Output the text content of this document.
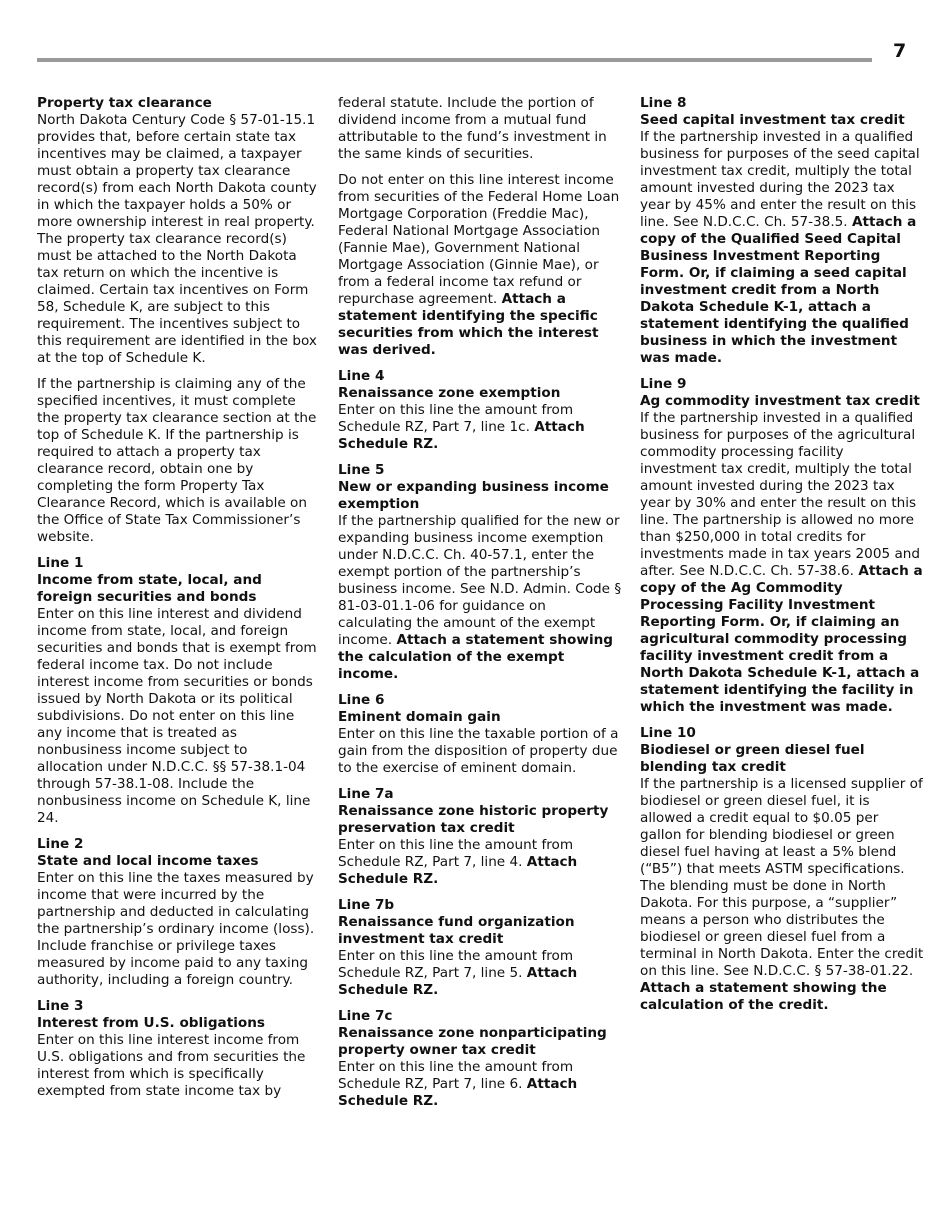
7
Property tax clearance

North Dakota Century Code § 57-01-15.1 provides that, before certain state tax incentives may be claimed, a taxpayer must obtain a property tax clearance record(s) from each North Dakota county in which the taxpayer holds a 50% or more ownership interest in real property. The property tax clearance record(s) must be attached to the North Dakota tax return on which the incentive is claimed. Certain tax incentives on Form 58, Schedule K, are subject to this requirement. The incentives subject to this requirement are identified in the box at the top of Schedule K.

If the partnership is claiming any of the specified incentives, it must complete the property tax clearance section at the top of Schedule K. If the partnership is required to attach a property tax clearance record, obtain one by completing the form Property Tax Clearance Record, which is available on the Office of State Tax Commissioner’s website.

Line 1
Income from state, local, and foreign securities and bonds

Enter on this line interest and dividend income from state, local, and foreign securities and bonds that is exempt from federal income tax. Do not include interest income from securities or bonds issued by North Dakota or its political subdivisions. Do not enter on this line any income that is treated as nonbusiness income subject to allocation under N.D.C.C. §§ 57-38.1-04 through 57-38.1-08. Include the nonbusiness income on Schedule K, line 24.

Line 2
State and local income taxes

Enter on this line the taxes measured by income that were incurred by the partnership and deducted in calculating the partnership’s ordinary income (loss). Include franchise or privilege taxes measured by income paid to any taxing authority, including a foreign country.

Line 3
Interest from U.S. obligations

Enter on this line interest income from U.S. obligations and from securities the interest from which is specifically exempted from state income tax by

federal statute. Include the portion of dividend income from a mutual fund attributable to the fund’s investment in the same kinds of securities.

Do not enter on this line interest income from securities of the Federal Home Loan Mortgage Corporation (Freddie Mac), Federal National Mortgage Association (Fannie Mae), Government National Mortgage Association (Ginnie Mae), or from a federal income tax refund or repurchase agreement. Attach a statement identifying the specific securities from which the interest was derived.

Line 4
Renaissance zone exemption

Enter on this line the amount from Schedule RZ, Part 7, line 1c. Attach Schedule RZ.

Line 5
New or expanding business income exemption

If the partnership qualified for the new or expanding business income exemption under N.D.C.C. Ch. 40-57.1, enter the exempt portion of the partnership’s business income. See N.D. Admin. Code § 81-03-01.1-06 for guidance on calculating the amount of the exempt income. Attach a statement showing the calculation of the exempt income.

Line 6
Eminent domain gain

Enter on this line the taxable portion of a gain from the disposition of property due to the exercise of eminent domain.

Line 7a
Renaissance zone historic property preservation tax credit

Enter on this line the amount from Schedule RZ, Part 7, line 4. Attach Schedule RZ.

Line 7b
Renaissance fund organization investment tax credit

Enter on this line the amount from Schedule RZ, Part 7, line 5. Attach Schedule RZ.

Line 7c
Renaissance zone nonparticipating property owner tax credit

Enter on this line the amount from Schedule RZ, Part 7, line 6. Attach Schedule RZ.

Line 8
Seed capital investment tax credit

If the partnership invested in a qualified business for purposes of the seed capital investment tax credit, multiply the total amount invested during the 2023 tax year by 45% and enter the result on this line. See N.D.C.C. Ch. 57-38.5. Attach a copy of the Qualified Seed Capital Business Investment Reporting Form. Or, if claiming a seed capital investment credit from a North Dakota Schedule K-1, attach a statement identifying the qualified business in which the investment was made.

Line 9
Ag commodity investment tax credit

If the partnership invested in a qualified business for purposes of the agricultural commodity processing facility investment tax credit, multiply the total amount invested during the 2023 tax year by 30% and enter the result on this line. The partnership is allowed no more than $250,000 in total credits for investments made in tax years 2005 and after. See N.D.C.C. Ch. 57-38.6. Attach a copy of the Ag Commodity Processing Facility Investment Reporting Form. Or, if claiming an agricultural commodity processing facility investment credit from a North Dakota Schedule K-1, attach a statement identifying the facility in which the investment was made.

Line 10
Biodiesel or green diesel fuel blending tax credit

If the partnership is a licensed supplier of biodiesel or green diesel fuel, it is allowed a credit equal to $0.05 per gallon for blending biodiesel or green diesel fuel having at least a 5% blend (“B5”) that meets ASTM specifications. The blending must be done in North Dakota. For this purpose, a “supplier” means a person who distributes the biodiesel or green diesel fuel from a terminal in North Dakota. Enter the credit on this line. See N.D.C.C. § 57-38-01.22. Attach a statement showing the calculation of the credit.
